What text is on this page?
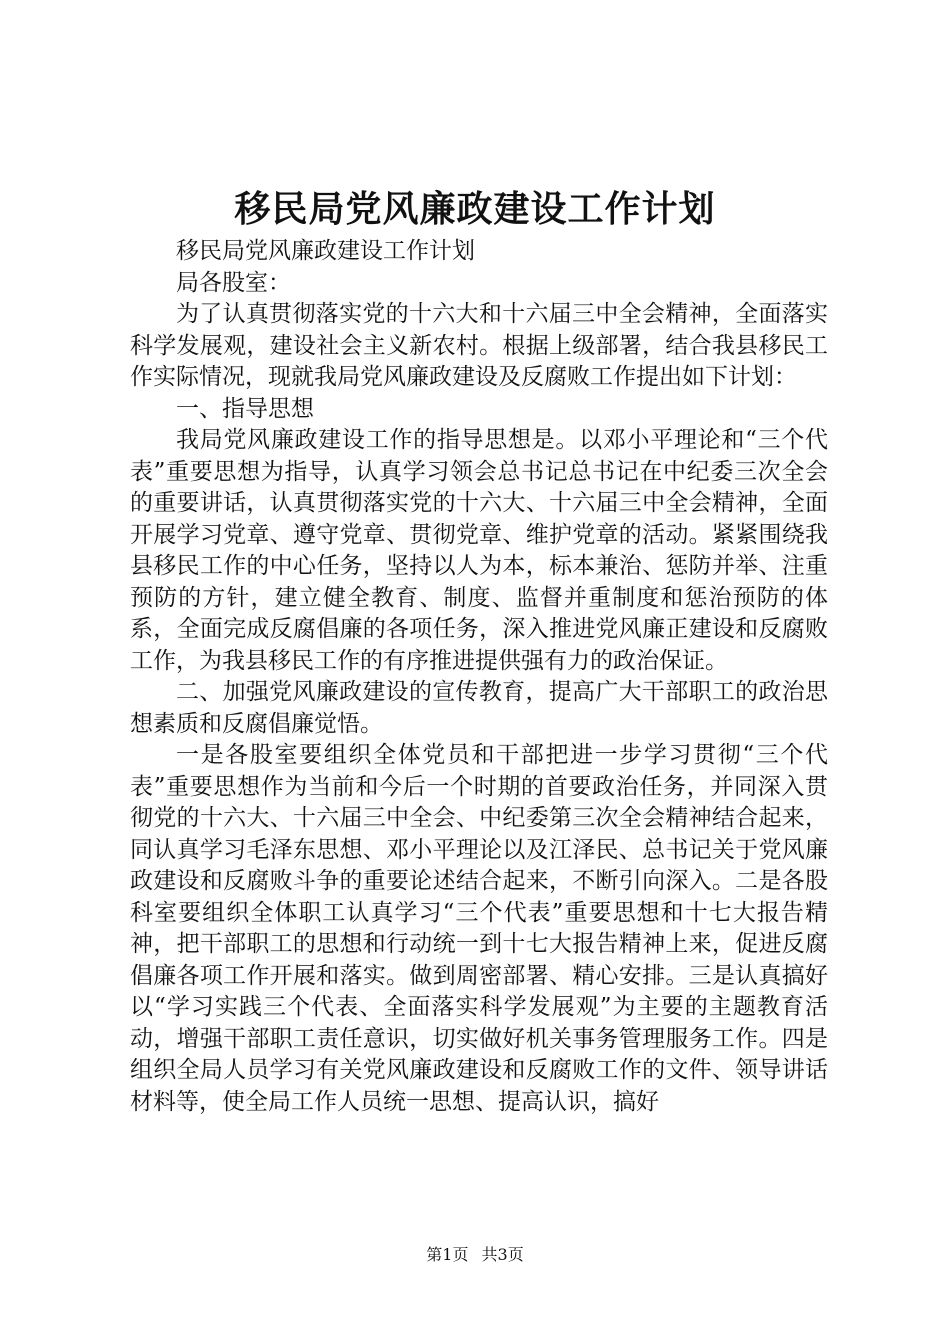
移民局党风廉政建设工作计划

移民局党风廉政建设工作计划

局各股室：

为了认真贯彻落实党的十六大和十六届三中全会精神，全面落实科学发展观，建设社会主义新农村。根据上级部署，结合我县移民工作实际情况，现就我局党风廉政建设及反腐败工作提出如下计划：

一、指导思想

我局党风廉政建设工作的指导思想是。以邓小平理论和“三个代表”重要思想为指导，认真学习领会总书记总书记在中纪委三次全会的重要讲话，认真贯彻落实党的十六大、十六届三中全会精神，全面开展学习党章、遵守党章、贯彻党章、维护党章的活动。紧紧围绕我县移民工作的中心任务，坚持以人为本，标本兼治、惩防并举、注重预防的方针，建立健全教育、制度、监督并重制度和惩治预防的体系，全面完成反腐倡廉的各项任务，深入推进党风廉正建设和反腐败工作，为我县移民工作的有序推进提供强有力的政治保证。

二、加强党风廉政建设的宣传教育，提高广大干部职工的政治思想素质和反腐倡廉觉悟。

一是各股室要组织全体党员和干部把进一步学习贯彻“三个代表”重要思想作为当前和今后一个时期的首要政治任务，并同深入贯彻党的十六大、十六届三中全会、中纪委第三次全会精神结合起来，同认真学习毛泽东思想、邓小平理论以及江泽民、总书记关于党风廉政建设和反腐败斗争的重要论述结合起来，不断引向深入。二是各股科室要组织全体职工认真学习“三个代表”重要思想和十七大报告精神，把干部职工的思想和行动统一到十七大报告精神上来，促进反腐倡廉各项工作开展和落实。做到周密部署、精心安排。三是认真搞好以“学习实践三个代表、全面落实科学发展观”为主要的主题教育活动，增强干部职工责任意识，切实做好机关事务管理服务工作。四是组织全局人员学习有关党风廉政建设和反腐败工作的文件、领导讲话材料等，使全局工作人员统一思想、提高认识，搞好

第1页 共3页
